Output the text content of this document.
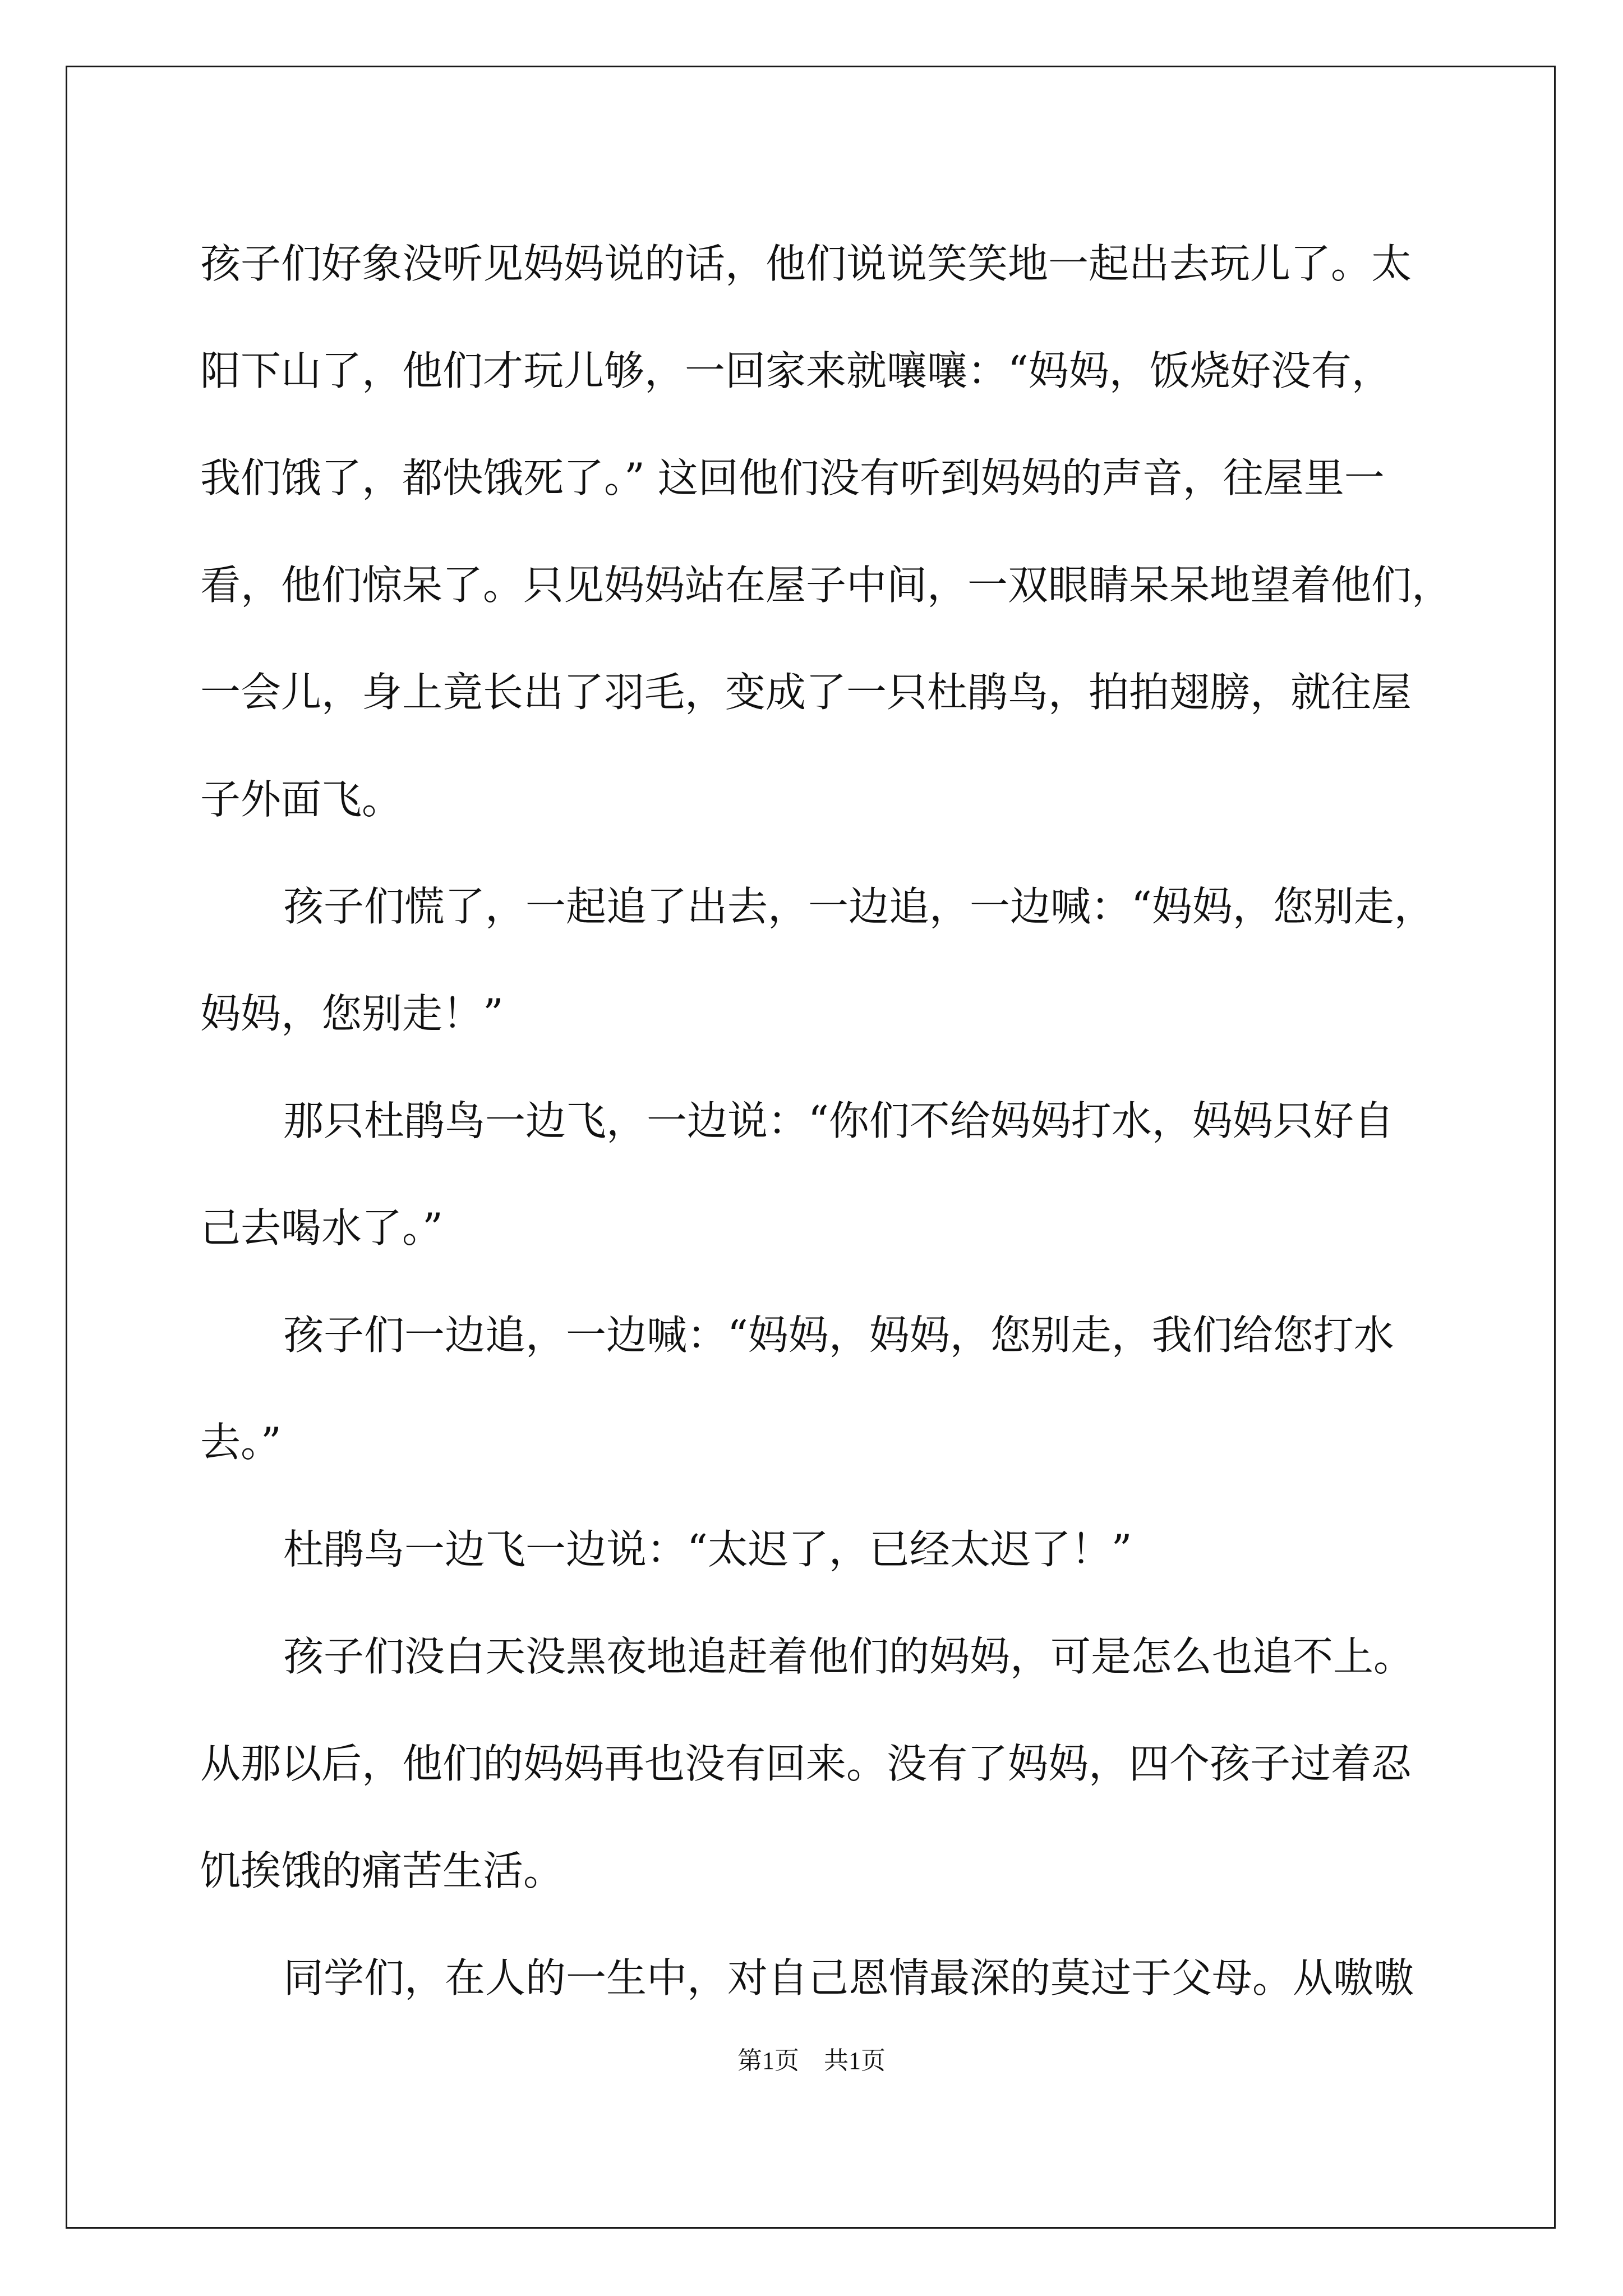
孩子们好象没听见妈妈说的话，他们说说笑笑地一起出去玩儿了。太
阳下山了，他们才玩儿够，一回家来就嚷嚷：“妈妈，饭烧好没有，
我们饿了，都快饿死了。” 这回他们没有听到妈妈的声音，往屋里一
看，他们惊呆了。只见妈妈站在屋子中间，一双眼睛呆呆地望着他们，
一会儿，身上竟长出了羽毛，变成了一只杜鹃鸟，拍拍翅膀，就往屋
子外面飞。
孩子们慌了，一起追了出去，一边追，一边喊：“妈妈，您别走，
妈妈，您别走！”
那只杜鹃鸟一边飞，一边说：“你们不给妈妈打水，妈妈只好自
己去喝水了。”
孩子们一边追，一边喊：“妈妈，妈妈，您别走，我们给您打水
去。”
杜鹃鸟一边飞一边说：“太迟了，已经太迟了！”
孩子们没白天没黑夜地追赶着他们的妈妈，可是怎么也追不上。
从那以后，他们的妈妈再也没有回来。没有了妈妈，四个孩子过着忍
饥挨饿的痛苦生活。
同学们，在人的一生中，对自己恩情最深的莫过于父母。从嗷嗷
第1页 共1页
